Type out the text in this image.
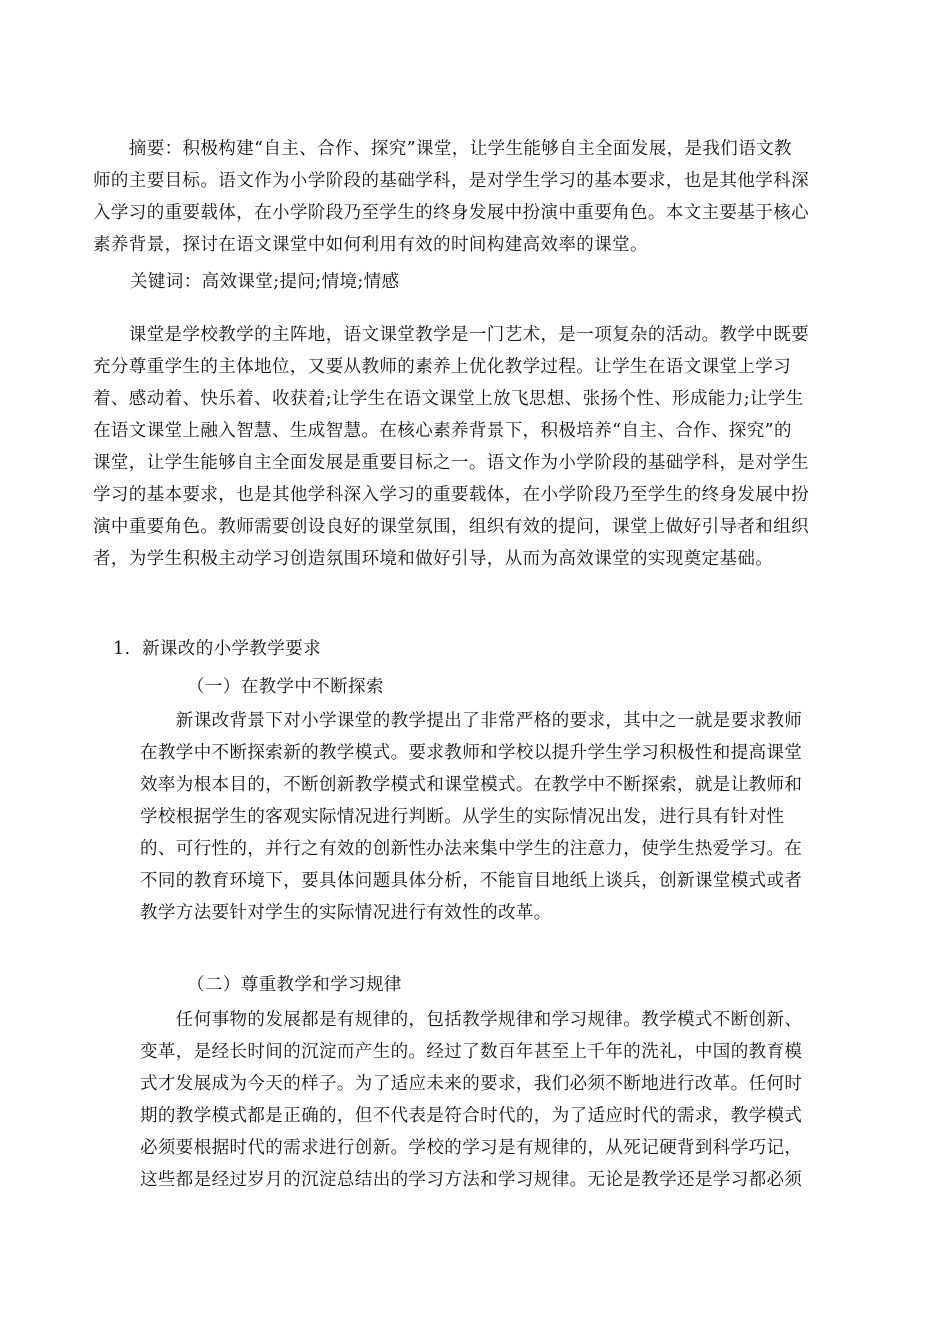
　　摘要：积极构建“自主、合作、探究”课堂，让学生能够自主全面发展，是我们语文教
师的主要目标。语文作为小学阶段的基础学科，是对学生学习的基本要求，也是其他学科深
入学习的重要载体，在小学阶段乃至学生的终身发展中扮演中重要角色。本文主要基于核心
素养背景，探讨在语文课堂中如何利用有效的时间构建高效率的课堂。
关键词：高效课堂;提问;情境;情感
　　课堂是学校教学的主阵地，语文课堂教学是一门艺术，是一项复杂的活动。教学中既要
充分尊重学生的主体地位，又要从教师的素养上优化教学过程。让学生在语文课堂上学习
着、感动着、快乐着、收获着;让学生在语文课堂上放飞思想、张扬个性、形成能力;让学生
在语文课堂上融入智慧、生成智慧。在核心素养背景下，积极培养“自主、合作、探究”的
课堂，让学生能够自主全面发展是重要目标之一。语文作为小学阶段的基础学科，是对学生
学习的基本要求，也是其他学科深入学习的重要载体，在小学阶段乃至学生的终身发展中扮
演中重要角色。教师需要创设良好的课堂氛围，组织有效的提问，课堂上做好引导者和组织
者，为学生积极主动学习创造氛围环境和做好引导，从而为高效课堂的实现奠定基础。
1. 新课改的小学教学要求
（一）在教学中不断探索
　　新课改背景下对小学课堂的教学提出了非常严格的要求，其中之一就是要求教师
在教学中不断探索新的教学模式。要求教师和学校以提升学生学习积极性和提高课堂
效率为根本目的，不断创新教学模式和课堂模式。在教学中不断探索，就是让教师和
学校根据学生的客观实际情况进行判断。从学生的实际情况出发，进行具有针对性
的、可行性的，并行之有效的创新性办法来集中学生的注意力，使学生热爱学习。在
不同的教育环境下，要具体问题具体分析，不能盲目地纸上谈兵，创新课堂模式或者
教学方法要针对学生的实际情况进行有效性的改革。
（二）尊重教学和学习规律
　　任何事物的发展都是有规律的，包括教学规律和学习规律。教学模式不断创新、
变革，是经长时间的沉淀而产生的。经过了数百年甚至上千年的洗礼，中国的教育模
式才发展成为今天的样子。为了适应未来的要求，我们必须不断地进行改革。任何时
期的教学模式都是正确的，但不代表是符合时代的，为了适应时代的需求，教学模式
必须要根据时代的需求进行创新。学校的学习是有规律的，从死记硬背到科学巧记，
这些都是经过岁月的沉淀总结出的学习方法和学习规律。无论是教学还是学习都必须
